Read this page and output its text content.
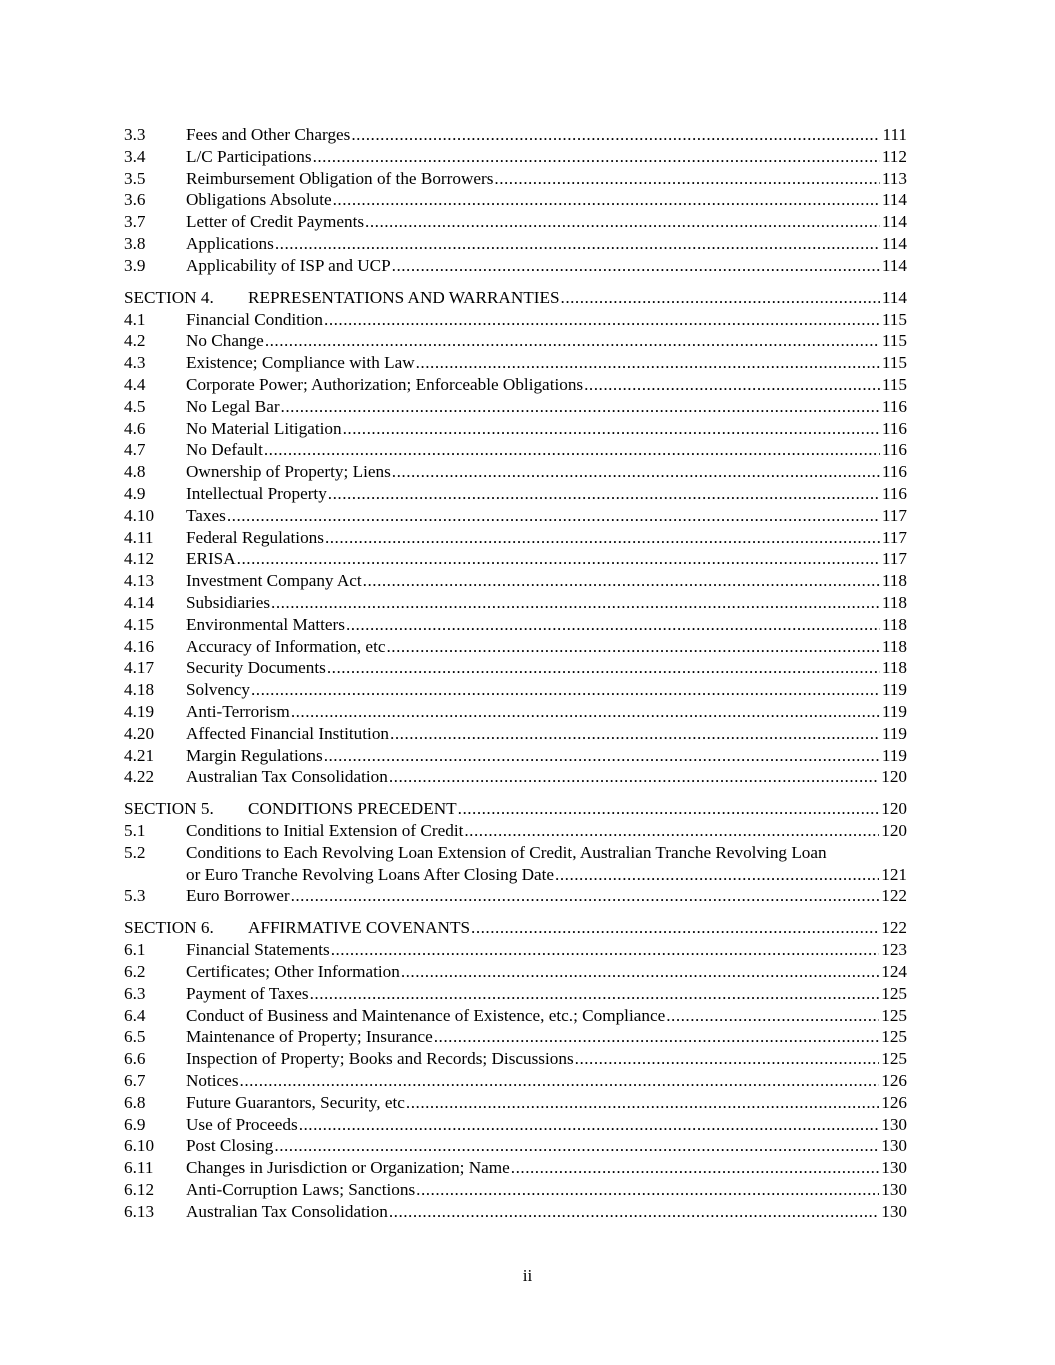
3.3	Fees and Other Charges .....	111
3.4	L/C Participations .....	112
3.5	Reimbursement Obligation of the Borrowers .....	113
3.6	Obligations Absolute .....	114
3.7	Letter of Credit Payments .....	114
3.8	Applications .....	114
3.9	Applicability of ISP and UCP .....	114
SECTION 4.	REPRESENTATIONS AND WARRANTIES .....	114
4.1	Financial Condition .....	115
4.2	No Change .....	115
4.3	Existence; Compliance with Law .....	115
4.4	Corporate Power; Authorization; Enforceable Obligations .....	115
4.5	No Legal Bar .....	116
4.6	No Material Litigation .....	116
4.7	No Default .....	116
4.8	Ownership of Property; Liens .....	116
4.9	Intellectual Property .....	116
4.10	Taxes .....	117
4.11	Federal Regulations .....	117
4.12	ERISA .....	117
4.13	Investment Company Act .....	118
4.14	Subsidiaries .....	118
4.15	Environmental Matters .....	118
4.16	Accuracy of Information, etc .....	118
4.17	Security Documents .....	118
4.18	Solvency .....	119
4.19	Anti-Terrorism .....	119
4.20	Affected Financial Institution .....	119
4.21	Margin Regulations .....	119
4.22	Australian Tax Consolidation .....	120
SECTION 5.	CONDITIONS PRECEDENT .....	120
5.1	Conditions to Initial Extension of Credit .....	120
5.2	Conditions to Each Revolving Loan Extension of Credit, Australian Tranche Revolving Loan
or Euro Tranche Revolving Loans After Closing Date .....	121
5.3	Euro Borrower .....	122
SECTION 6.	AFFIRMATIVE COVENANTS .....	122
6.1	Financial Statements .....	123
6.2	Certificates; Other Information .....	124
6.3	Payment of Taxes .....	125
6.4	Conduct of Business and Maintenance of Existence, etc.; Compliance .....	125
6.5	Maintenance of Property; Insurance .....	125
6.6	Inspection of Property; Books and Records; Discussions .....	125
6.7	Notices .....	126
6.8	Future Guarantors, Security, etc .....	126
6.9	Use of Proceeds .....	130
6.10	Post Closing .....	130
6.11	Changes in Jurisdiction or Organization; Name .....	130
6.12	Anti-Corruption Laws; Sanctions .....	130
6.13	Australian Tax Consolidation .....	130
ii
